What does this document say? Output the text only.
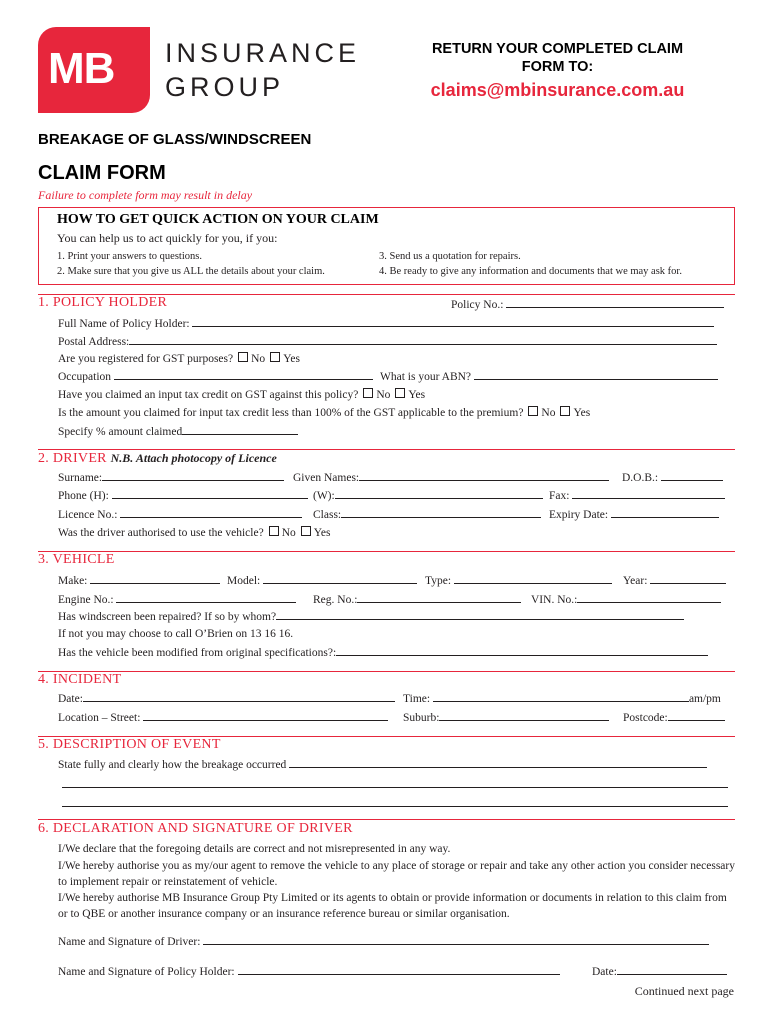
MB INSURANCE
GROUP
RETURN YOUR COMPLETED CLAIM
FORM TO:
claims@mbinsurance.com.au
BREAKAGE OF GLASS/WINDSCREEN
CLAIM FORM
Failure to complete form may result in delay
HOW TO GET QUICK ACTION ON YOUR CLAIM
You can help us to act quickly for you, if you:
1. Print your answers to questions.
2. Make sure that you give us ALL the details about your claim.
3. Send us a quotation for repairs.
4. Be ready to give any information and documents that we may ask for.
1. POLICY HOLDER	Policy No.:
Full Name of Policy Holder:
Postal Address:
Are you registered for GST purposes? No Yes
Occupation	What is your ABN?
Have you claimed an input tax credit on GST against this policy? No Yes
Is the amount you claimed for input tax credit less than 100% of the GST applicable to the premium? No Yes
Specify % amount claimed
2. DRIVER N.B. Attach photocopy of Licence
Surname:	Given Names:	D.O.B.:
Phone (H):	(W):	Fax:
Licence No.:	Class:	Expiry Date:
Was the driver authorised to use the vehicle? No Yes
3. VEHICLE
Make:	Model:	Type:	Year:
Engine No.:	Reg. No.:	VIN. No.:
Has windscreen been repaired? If so by whom?
If not you may choose to call O’Brien on 13 16 16.
Has the vehicle been modified from original specifications?:
4. INCIDENT
Date:	Time:	am/pm
Location – Street:	Suburb:	Postcode:
5. DESCRIPTION OF EVENT
State fully and clearly how the breakage occurred
6. DECLARATION AND SIGNATURE OF DRIVER
I/We declare that the foregoing details are correct and not misrepresented in any way.
I/We hereby authorise you as my/our agent to remove the vehicle to any place of storage or repair and take any other action you consider necessary to implement repair or reinstatement of vehicle.
I/We hereby authorise MB Insurance Group Pty Limited or its agents to obtain or provide information or documents in relation to this claim from or to QBE or another insurance company or an insurance reference bureau or similar organisation.
Name and Signature of Driver:
Name and Signature of Policy Holder:	Date:
Continued next page
